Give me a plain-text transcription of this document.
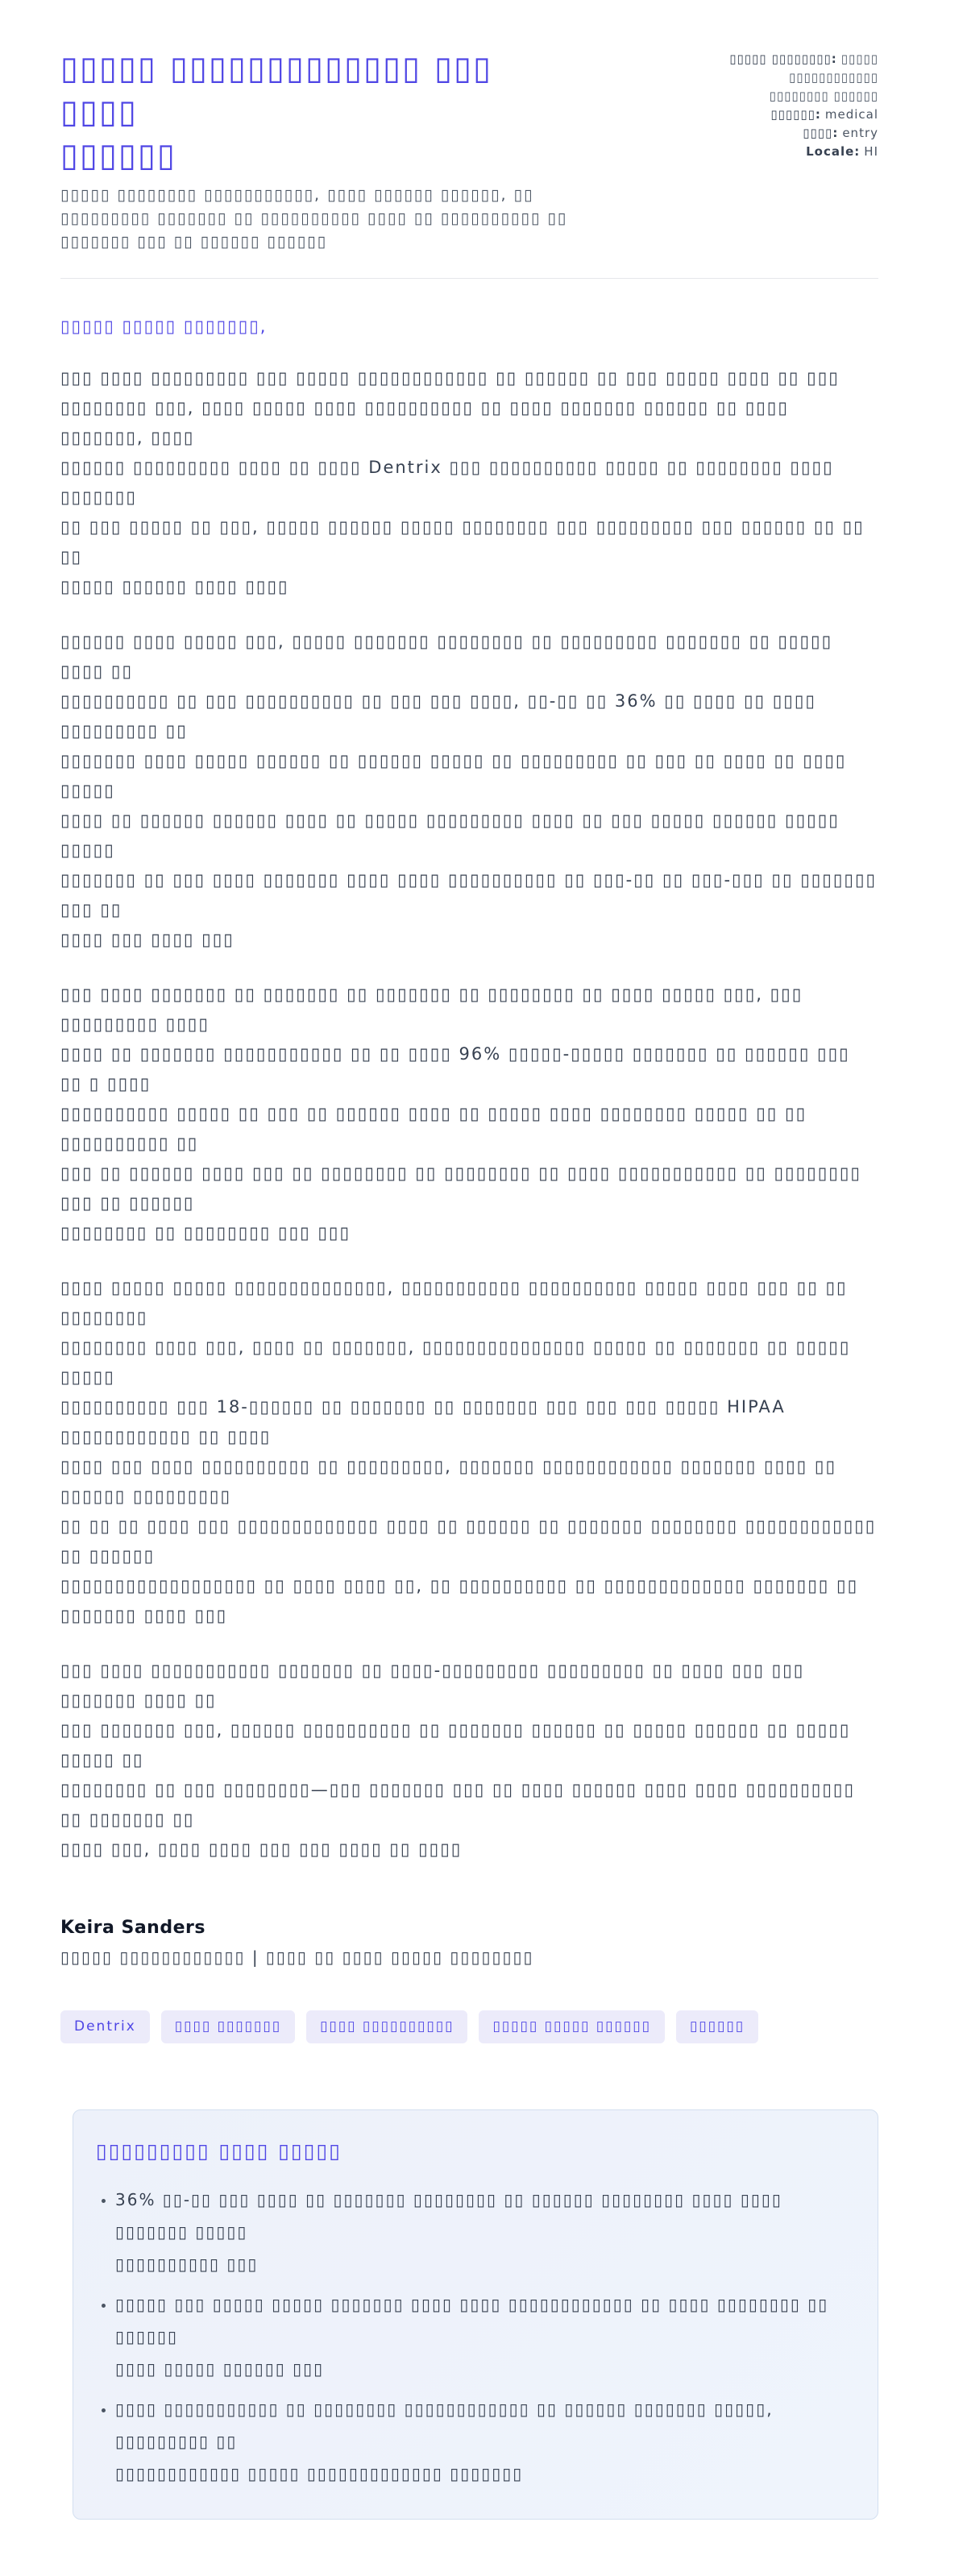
▯▯▯▯▯ ▯▯▯▯▯▯▯▯▯▯▯▯▯ ▯▯▯ ▯▯▯▯
▯▯▯▯▯▯
▯▯▯▯▯ ▯▯▯▯▯▯▯▯ ▯▯▯▯▯▯▯▯▯▯▯, ▯▯▯▯ ▯▯▯▯▯▯ ▯▯▯▯▯▯, ▯▯
▯▯▯▯▯▯▯▯▯ ▯▯▯▯▯▯▯ ▯▯ ▯▯▯▯▯▯▯▯▯▯ ▯▯▯▯ ▯▯ ▯▯▯▯▯▯▯▯▯▯ ▯▯
▯▯▯▯▯▯▯ ▯▯▯ ▯▯ ▯▯▯▯▯▯ ▯▯▯▯▯▯
▯▯▯▯▯ ▯▯▯▯▯▯▯▯: ▯▯▯▯▯
▯▯▯▯▯▯▯▯▯▯▯▯
▯▯▯▯▯▯▯▯ ▯▯▯▯▯▯
▯▯▯▯▯▯: medical
▯▯▯▯: entry
Locale: HI
▯▯▯▯▯ ▯▯▯▯▯ ▯▯▯▯▯▯▯,
▯▯▯ ▯▯▯▯ ▯▯▯▯▯▯▯▯▯ ▯▯▯ ▯▯▯▯▯ ▯▯▯▯▯▯▯▯▯▯▯▯ ▯▯ ▯▯▯▯▯▯ ▯▯ ▯▯▯ ▯▯▯▯▯ ▯▯▯▯ ▯▯ ▯▯▯
▯▯▯▯▯▯▯▯ ▯▯▯, ▯▯▯▯ ▯▯▯▯▯ ▯▯▯▯ ▯▯▯▯▯▯▯▯▯▯ ▯▯ ▯▯▯▯ ▯▯▯▯▯▯▯ ▯▯▯▯▯▯ ▯▯ ▯▯▯▯ ▯▯▯▯▯▯▯, ▯▯▯▯
▯▯▯▯▯▯ ▯▯▯▯▯▯▯▯▯ ▯▯▯▯ ▯▯ ▯▯▯▯ Dentrix ▯▯▯ ▯▯▯▯▯▯▯▯▯▯ ▯▯▯▯▯ ▯▯ ▯▯▯▯▯▯▯▯ ▯▯▯▯ ▯▯▯▯▯▯▯
▯▯ ▯▯▯ ▯▯▯▯▯ ▯▯ ▯▯▯, ▯▯▯▯▯ ▯▯▯▯▯▯ ▯▯▯▯▯ ▯▯▯▯▯▯▯▯ ▯▯▯ ▯▯▯▯▯▯▯▯▯ ▯▯▯ ▯▯▯▯▯▯ ▯▯ ▯▯ ▯▯
▯▯▯▯▯ ▯▯▯▯▯▯ ▯▯▯▯ ▯▯▯▯
▯▯▯▯▯▯ ▯▯▯▯ ▯▯▯▯▯ ▯▯▯, ▯▯▯▯▯ ▯▯▯▯▯▯▯ ▯▯▯▯▯▯▯▯ ▯▯ ▯▯▯▯▯▯▯▯▯ ▯▯▯▯▯▯▯ ▯▯ ▯▯▯▯▯ ▯▯▯▯ ▯▯
▯▯▯▯▯▯▯▯▯▯ ▯▯ ▯▯▯ ▯▯▯▯▯▯▯▯▯▯ ▯▯ ▯▯▯ ▯▯▯ ▯▯▯▯, ▯▯-▯▯ ▯▯ 36% ▯▯ ▯▯▯▯ ▯▯ ▯▯▯▯ ▯▯▯▯▯▯▯▯▯ ▯▯
▯▯▯▯▯▯▯ ▯▯▯▯ ▯▯▯▯▯ ▯▯▯▯▯▯ ▯▯ ▯▯▯▯▯▯ ▯▯▯▯▯ ▯▯ ▯▯▯▯▯▯▯▯▯ ▯▯ ▯▯▯ ▯▯ ▯▯▯▯ ▯▯ ▯▯▯▯ ▯▯▯▯▯
▯▯▯▯ ▯▯ ▯▯▯▯▯▯ ▯▯▯▯▯▯ ▯▯▯▯ ▯▯ ▯▯▯▯▯ ▯▯▯▯▯▯▯▯▯ ▯▯▯▯ ▯▯ ▯▯▯ ▯▯▯▯▯ ▯▯▯▯▯▯ ▯▯▯▯▯ ▯▯▯▯▯
▯▯▯▯▯▯▯ ▯▯ ▯▯▯ ▯▯▯▯ ▯▯▯▯▯▯▯ ▯▯▯▯ ▯▯▯▯ ▯▯▯▯▯▯▯▯▯▯ ▯▯ ▯▯▯-▯▯ ▯▯ ▯▯▯-▯▯▯ ▯▯ ▯▯▯▯▯▯▯ ▯▯▯ ▯▯
▯▯▯▯ ▯▯▯ ▯▯▯▯ ▯▯▯
▯▯▯ ▯▯▯▯ ▯▯▯▯▯▯▯ ▯▯ ▯▯▯▯▯▯▯ ▯▯ ▯▯▯▯▯▯▯ ▯▯ ▯▯▯▯▯▯▯▯ ▯▯ ▯▯▯▯ ▯▯▯▯▯ ▯▯▯, ▯▯▯ ▯▯▯▯▯▯▯▯▯ ▯▯▯▯
▯▯▯▯ ▯▯ ▯▯▯▯▯▯▯ ▯▯▯▯▯▯▯▯▯▯▯ ▯▯ ▯▯ ▯▯▯▯ 96% ▯▯▯▯▯-▯▯▯▯▯ ▯▯▯▯▯▯▯ ▯▯ ▯▯▯▯▯▯ ▯▯▯ ▯▯ ▯ ▯▯▯▯
▯▯▯▯▯▯▯▯▯▯ ▯▯▯▯▯ ▯▯ ▯▯▯ ▯▯ ▯▯▯▯▯▯ ▯▯▯▯ ▯▯ ▯▯▯▯▯ ▯▯▯▯ ▯▯▯▯▯▯▯▯ ▯▯▯▯▯ ▯▯ ▯▯ ▯▯▯▯▯▯▯▯▯▯ ▯▯
▯▯▯ ▯▯ ▯▯▯▯▯▯ ▯▯▯▯ ▯▯▯ ▯▯ ▯▯▯▯▯▯▯▯ ▯▯ ▯▯▯▯▯▯▯▯ ▯▯ ▯▯▯▯ ▯▯▯▯▯▯▯▯▯▯▯ ▯▯ ▯▯▯▯▯▯▯▯ ▯▯▯ ▯▯ ▯▯▯▯▯▯
▯▯▯▯▯▯▯▯ ▯▯ ▯▯▯▯▯▯▯▯ ▯▯▯ ▯▯▯
▯▯▯▯ ▯▯▯▯▯ ▯▯▯▯▯ ▯▯▯▯▯▯▯▯▯▯▯▯▯▯, ▯▯▯▯▯▯▯▯▯▯▯ ▯▯▯▯▯▯▯▯▯▯ ▯▯▯▯▯ ▯▯▯▯ ▯▯▯ ▯▯ ▯▯ ▯▯▯▯▯▯▯▯
▯▯▯▯▯▯▯▯ ▯▯▯▯ ▯▯▯, ▯▯▯▯ ▯▯ ▯▯▯▯▯▯▯, ▯▯▯▯▯▯▯▯▯▯▯▯▯▯▯ ▯▯▯▯▯ ▯▯ ▯▯▯▯▯▯▯ ▯▯ ▯▯▯▯▯ ▯▯▯▯▯
▯▯▯▯▯▯▯▯▯▯ ▯▯▯ 18-▯▯▯▯▯▯ ▯▯ ▯▯▯▯▯▯▯ ▯▯ ▯▯▯▯▯▯▯ ▯▯▯ ▯▯▯ ▯▯▯ ▯▯▯▯▯ HIPAA ▯▯▯▯▯▯▯▯▯▯▯▯ ▯▯ ▯▯▯▯
▯▯▯▯ ▯▯▯ ▯▯▯▯ ▯▯▯▯▯▯▯▯▯▯ ▯▯ ▯▯▯▯▯▯▯▯▯, ▯▯▯▯▯▯▯ ▯▯▯▯▯▯▯▯▯▯▯▯ ▯▯▯▯▯▯▯ ▯▯▯▯ ▯▯ ▯▯▯▯▯▯ ▯▯▯▯▯▯▯▯▯
▯▯ ▯▯ ▯▯ ▯▯▯▯ ▯▯▯ ▯▯▯▯▯▯▯▯▯▯▯▯▯ ▯▯▯▯ ▯▯ ▯▯▯▯▯▯ ▯▯ ▯▯▯▯▯▯▯ ▯▯▯▯▯▯▯▯ ▯▯▯▯▯▯▯▯▯▯▯▯ ▯▯ ▯▯▯▯▯▯
▯▯▯▯▯▯▯▯▯▯▯▯▯▯▯▯▯▯ ▯▯ ▯▯▯▯ ▯▯▯▯ ▯▯, ▯▯ ▯▯▯▯▯▯▯▯▯▯ ▯▯ ▯▯▯▯▯▯▯▯▯▯▯▯▯ ▯▯▯▯▯▯▯ ▯▯ ▯▯▯▯▯▯▯ ▯▯▯▯ ▯▯▯
▯▯▯ ▯▯▯▯ ▯▯▯▯▯▯▯▯▯▯▯ ▯▯▯▯▯▯▯ ▯▯ ▯▯▯▯-▯▯▯▯▯▯▯▯▯ ▯▯▯▯▯▯▯▯▯ ▯▯ ▯▯▯▯ ▯▯▯ ▯▯▯ ▯▯▯▯▯▯▯ ▯▯▯▯ ▯▯
▯▯▯ ▯▯▯▯▯▯▯ ▯▯▯, ▯▯▯▯▯▯ ▯▯▯▯▯▯▯▯▯▯ ▯▯ ▯▯▯▯▯▯▯ ▯▯▯▯▯▯ ▯▯ ▯▯▯▯▯ ▯▯▯▯▯▯ ▯▯ ▯▯▯▯▯ ▯▯▯▯▯ ▯▯
▯▯▯▯▯▯▯▯ ▯▯ ▯▯▯ ▯▯▯▯▯▯▯▯—▯▯▯ ▯▯▯▯▯▯▯ ▯▯▯ ▯▯ ▯▯▯▯ ▯▯▯▯▯▯ ▯▯▯▯ ▯▯▯▯ ▯▯▯▯▯▯▯▯▯▯ ▯▯ ▯▯▯▯▯▯▯ ▯▯
▯▯▯▯ ▯▯▯, ▯▯▯▯ ▯▯▯▯ ▯▯▯ ▯▯▯ ▯▯▯▯ ▯▯ ▯▯▯▯
Keira Sanders
▯▯▯▯▯ ▯▯▯▯▯▯▯▯▯▯▯▯ | ▯▯▯▯ ▯▯ ▯▯▯▯ ▯▯▯▯▯ ▯▯▯▯▯▯▯▯
Dentrix	▯▯▯▯ ▯▯▯▯▯▯▯	▯▯▯▯ ▯▯▯▯▯▯▯▯▯▯	▯▯▯▯▯ ▯▯▯▯▯ ▯▯▯▯▯▯	▯▯▯▯▯▯
▯▯▯▯▯▯▯▯▯ ▯▯▯▯ ▯▯▯▯▯
• 36% ▯▯-▯▯ ▯▯▯ ▯▯▯▯ ▯▯ ▯▯▯▯▯▯▯ ▯▯▯▯▯▯▯▯ ▯▯ ▯▯▯▯▯▯ ▯▯▯▯▯▯▯▯ ▯▯▯▯ ▯▯▯▯ ▯▯▯▯▯▯▯ ▯▯▯▯▯
▯▯▯▯▯▯▯▯▯▯ ▯▯▯
• ▯▯▯▯▯ ▯▯▯ ▯▯▯▯▯ ▯▯▯▯▯ ▯▯▯▯▯▯▯ ▯▯▯▯ ▯▯▯▯ ▯▯▯▯▯▯▯▯▯▯▯▯ ▯▯ ▯▯▯▯ ▯▯▯▯▯▯▯▯ ▯▯ ▯▯▯▯▯▯
▯▯▯▯ ▯▯▯▯▯ ▯▯▯▯▯▯ ▯▯▯
• ▯▯▯▯ ▯▯▯▯▯▯▯▯▯▯▯ ▯▯ ▯▯▯▯▯▯▯▯ ▯▯▯▯▯▯▯▯▯▯▯▯ ▯▯ ▯▯▯▯▯▯ ▯▯▯▯▯▯▯ ▯▯▯▯▯, ▯▯▯▯▯▯▯▯▯ ▯▯
▯▯▯▯▯▯▯▯▯▯▯▯ ▯▯▯▯▯ ▯▯▯▯▯▯▯▯▯▯▯▯▯ ▯▯▯▯▯▯▯
